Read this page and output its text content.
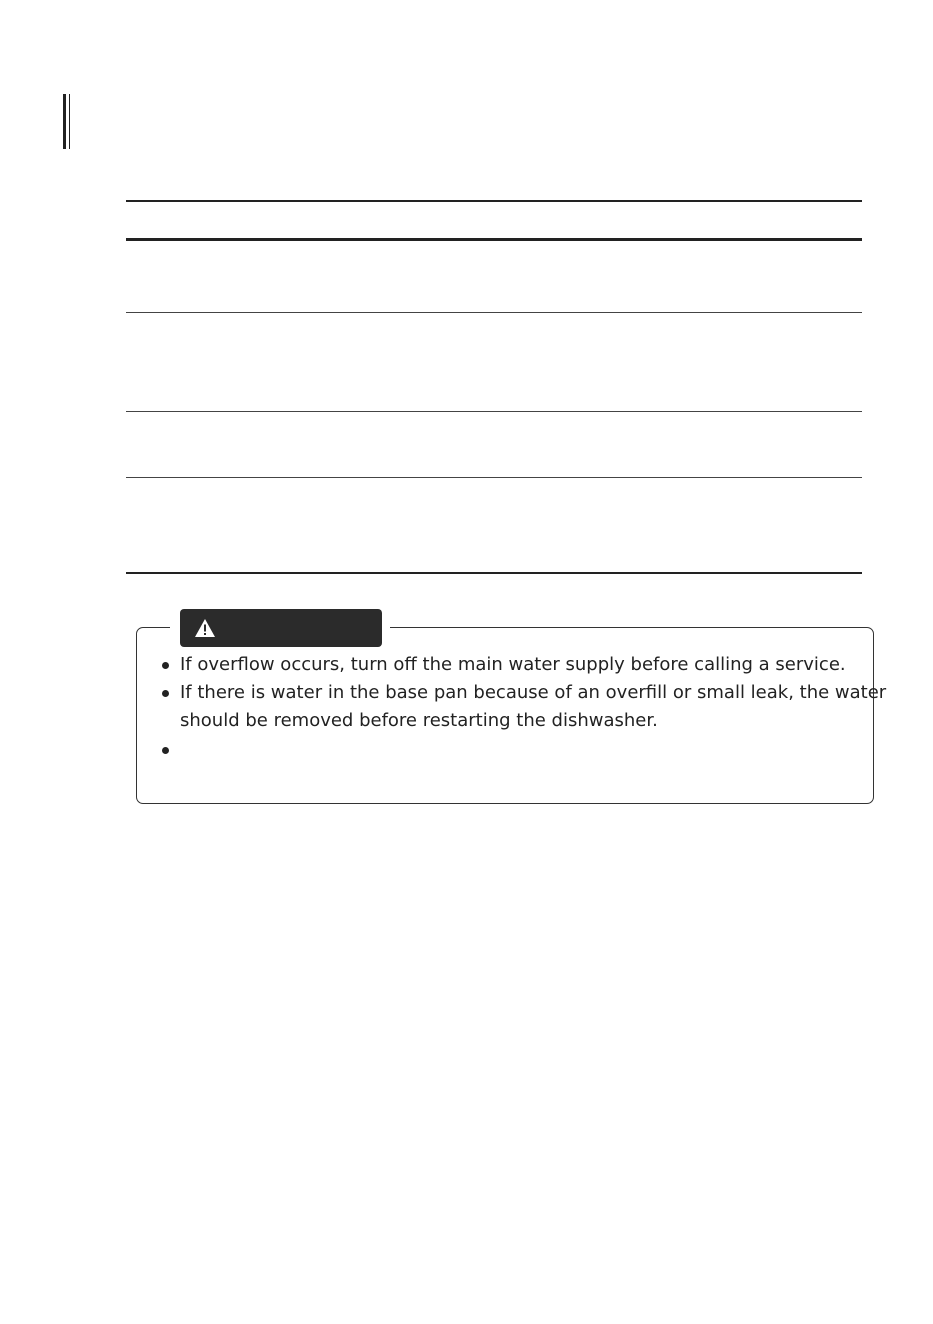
If overflow occurs, turn off the main water supply before calling a service.
If there is water in the base pan because of an overfill or small leak, the water
should be removed before restarting the dishwasher.
